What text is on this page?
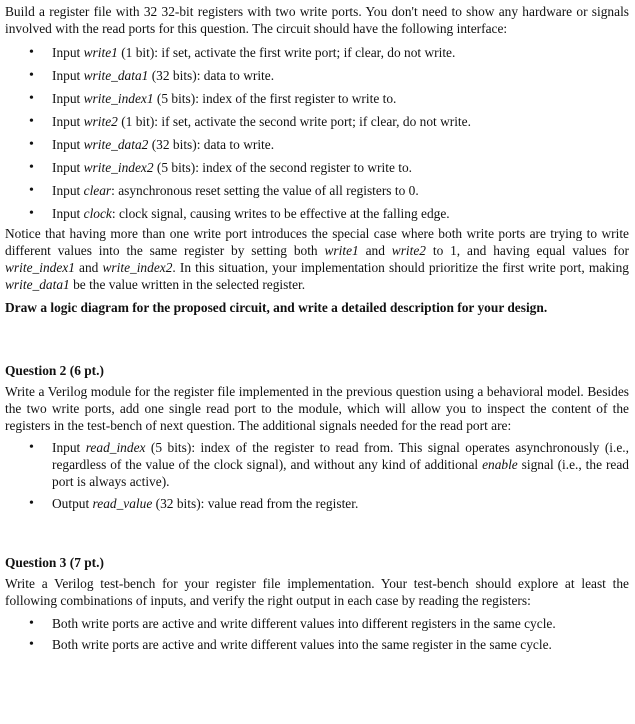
Build a register file with 32 32-bit registers with two write ports. You don't need to show any hardware or signals involved with the read ports for this question. The circuit should have the following interface:

• Input write1 (1 bit): if set, activate the first write port; if clear, do not write.
• Input write_data1 (32 bits): data to write.
• Input write_index1 (5 bits): index of the first register to write to.
• Input write2 (1 bit): if set, activate the second write port; if clear, do not write.
• Input write_data2 (32 bits): data to write.
• Input write_index2 (5 bits): index of the second register to write to.
• Input clear: asynchronous reset setting the value of all registers to 0.
• Input clock: clock signal, causing writes to be effective at the falling edge.

Notice that having more than one write port introduces the special case where both write ports are trying to write different values into the same register by setting both write1 and write2 to 1, and having equal values for write_index1 and write_index2. In this situation, your implementation should prioritize the first write port, making write_data1 be the value written in the selected register.

Draw a logic diagram for the proposed circuit, and write a detailed description for your design.

Question 2 (6 pt.)

Write a Verilog module for the register file implemented in the previous question using a behavioral model. Besides the two write ports, add one single read port to the module, which will allow you to inspect the content of the registers in the test-bench of next question. The additional signals needed for the read port are:

• Input read_index (5 bits): index of the register to read from. This signal operates asynchronously (i.e., regardless of the value of the clock signal), and without any kind of additional enable signal (i.e., the read port is always active).
• Output read_value (32 bits): value read from the register.
Question 3 (7 pt.)

Write a Verilog test-bench for your register file implementation. Your test-bench should explore at least the following combinations of inputs, and verify the right output in each case by reading the registers:

• Both write ports are active and write different values into different registers in the same cycle.
• Both write ports are active and write different values into the same register in the same cycle.
